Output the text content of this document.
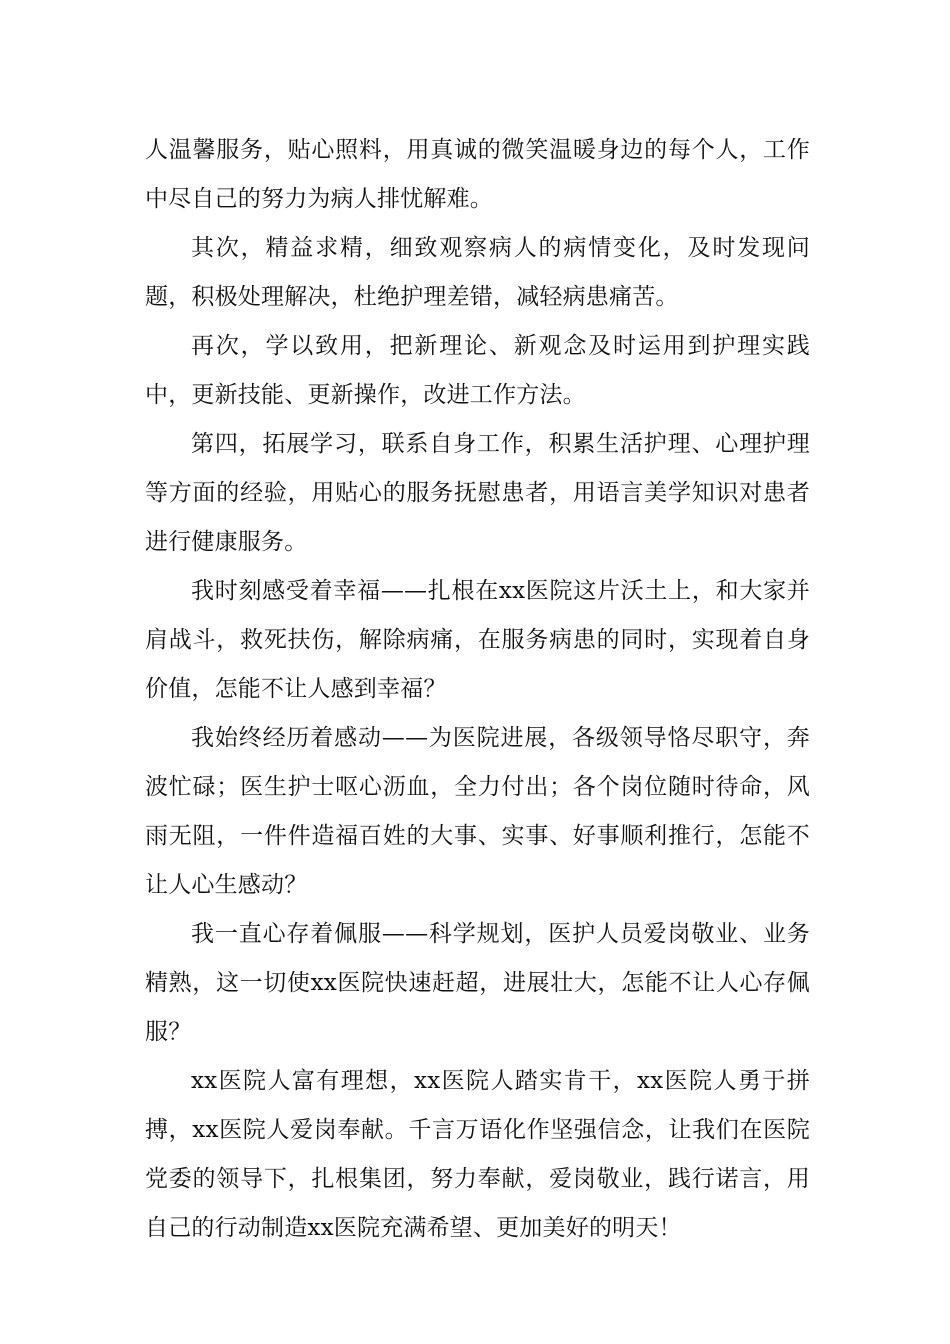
人温馨服务，贴心照料，用真诚的微笑温暖身边的每个人，工作中尽自己的努力为病人排忧解难。

其次，精益求精，细致观察病人的病情变化，及时发现问题，积极处理解决，杜绝护理差错，减轻病患痛苦。

再次，学以致用，把新理论、新观念及时运用到护理实践中，更新技能、更新操作，改进工作方法。

第四，拓展学习，联系自身工作，积累生活护理、心理护理等方面的经验，用贴心的服务抚慰患者，用语言美学知识对患者进行健康服务。

我时刻感受着幸福——扎根在xx医院这片沃土上，和大家并肩战斗，救死扶伤，解除病痛，在服务病患的同时，实现着自身价值，怎能不让人感到幸福？

我始终经历着感动——为医院进展，各级领导恪尽职守，奔波忙碌；医生护士呕心沥血，全力付出；各个岗位随时待命，风雨无阻，一件件造福百姓的大事、实事、好事顺利推行，怎能不让人心生感动？

我一直心存着佩服——科学规划，医护人员爱岗敬业、业务精熟，这一切使xx医院快速赶超，进展壮大，怎能不让人心存佩服？

xx医院人富有理想，xx医院人踏实肯干，xx医院人勇于拼搏，xx医院人爱岗奉献。千言万语化作坚强信念，让我们在医院党委的领导下，扎根集团，努力奉献，爱岗敬业，践行诺言，用自己的行动制造xx医院充满希望、更加美好的明天！
